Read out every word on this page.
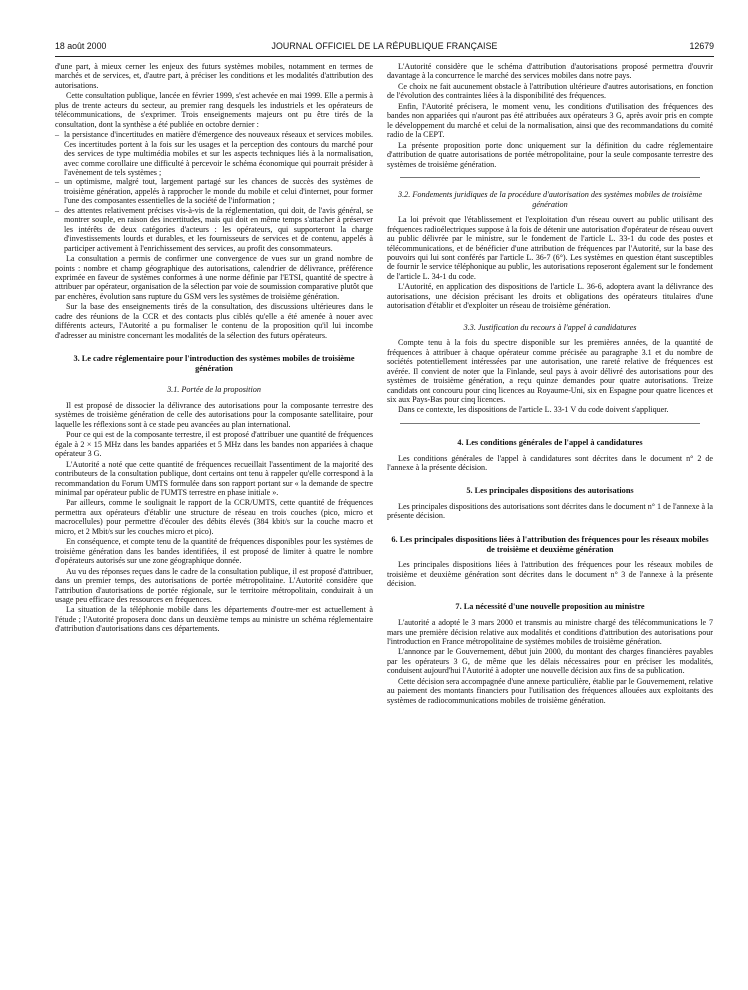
18 août 2000	JOURNAL OFFICIEL DE LA RÉPUBLIQUE FRANÇAISE	12679

d'une part, à mieux cerner les enjeux des futurs systèmes mobiles, notamment en termes de marchés et de services, et, d'autre part, à préciser les conditions et les modalités d'attribution des autorisations.

Cette consultation publique, lancée en février 1999, s'est achevée en mai 1999. Elle a permis à plus de trente acteurs du secteur, au premier rang desquels les industriels et les opérateurs de télécommunications, de s'exprimer. Trois enseignements majeurs ont pu être tirés de la consultation, dont la synthèse a été publiée en octobre dernier :

– la persistance d'incertitudes en matière d'émergence des nouveaux réseaux et services mobiles. Ces incertitudes portent à la fois sur les usages et la perception des contours du marché pour des services de type multimédia mobiles et sur les aspects techniques liés à la normalisation, avec comme corollaire une difficulté à percevoir le schéma économique qui pourrait présider à l'avènement de tels systèmes ;
– un optimisme, malgré tout, largement partagé sur les chances de succès des systèmes de troisième génération, appelés à rapprocher le monde du mobile et celui d'internet, pour former l'une des composantes essentielles de la société de l'information ;
– des attentes relativement précises vis-à-vis de la réglementation, qui doit, de l'avis général, se montrer souple, en raison des incertitudes, mais qui doit en même temps s'attacher à préserver les intérêts de deux catégories d'acteurs : les opérateurs, qui supporteront la charge d'investissements lourds et durables, et les fournisseurs de services et de contenu, appelés à participer activement à l'enrichissement des services, au profit des consommateurs.

La consultation a permis de confirmer une convergence de vues sur un grand nombre de points : nombre et champ géographique des autorisations, calendrier de délivrance, préférence exprimée en faveur de systèmes conformes à une norme définie par l'ETSI, quantité de spectre à attribuer par opérateur, organisation de la sélection par voie de soumission comparative plutôt que par enchères, évolution sans rupture du GSM vers les systèmes de troisième génération.

Sur la base des enseignements tirés de la consultation, des discussions ultérieures dans le cadre des réunions de la CCR et des contacts plus ciblés qu'elle a été amenée à nouer avec différents acteurs, l'Autorité a pu formaliser le contenu de la proposition qu'il lui incombe d'adresser au ministre concernant les modalités de la sélection des futurs opérateurs.

3. Le cadre réglementaire pour l'introduction des systèmes mobiles de troisième génération
3.1. Portée de la proposition

Il est proposé de dissocier la délivrance des autorisations pour la composante terrestre des systèmes de troisième génération de celle des autorisations pour la composante satellitaire, pour laquelle les réflexions sont à ce stade peu avancées au plan international.

Pour ce qui est de la composante terrestre, il est proposé d'attribuer une quantité de fréquences égale à 2 × 15 MHz dans les bandes appariées et 5 MHz dans les bandes non appariées à chaque opérateur 3 G.

L'Autorité a noté que cette quantité de fréquences recueillait l'assentiment de la majorité des contributeurs de la consultation publique, dont certains ont tenu à rappeler qu'elle correspond à la recommandation du Forum UMTS formulée dans son rapport portant sur « la demande de spectre minimal par opérateur public de l'UMTS terrestre en phase initiale ».

Par ailleurs, comme le soulignait le rapport de la CCR/UMTS, cette quantité de fréquences permettra aux opérateurs d'établir une structure de réseau en trois couches (pico, micro et macrocellules) pour permettre d'écouler des débits élevés (384 kbit/s sur la couche macro et micro, et 2 Mbit/s sur les couches micro et pico).

En conséquence, et compte tenu de la quantité de fréquences disponibles pour les systèmes de troisième génération dans les bandes identifiées, il est proposé de limiter à quatre le nombre d'opérateurs autorisés sur une zone géographique donnée.

Au vu des réponses reçues dans le cadre de la consultation publique, il est proposé d'attribuer, dans un premier temps, des autorisations de portée métropolitaine. L'Autorité considère que l'attribution d'autorisations de portée régionale, sur le territoire métropolitain, conduirait à un usage peu efficace des ressources en fréquences.

La situation de la téléphonie mobile dans les départements d'outre-mer est actuellement à l'étude ; l'Autorité proposera donc dans un deuxième temps au ministre un schéma réglementaire d'attribution d'autorisations dans ces départements.

L'Autorité considère que le schéma d'attribution d'autorisations proposé permettra d'ouvrir davantage à la concurrence le marché des services mobiles dans notre pays.

Ce choix ne fait aucunement obstacle à l'attribution ultérieure d'autres autorisations, en fonction de l'évolution des contraintes liées à la disponibilité des fréquences.

Enfin, l'Autorité précisera, le moment venu, les conditions d'utilisation des fréquences des bandes non appariées qui n'auront pas été attribuées aux opérateurs 3 G, après avoir pris en compte le développement du marché et celui de la normalisation, ainsi que des recommandations du comité radio de la CEPT.

La présente proposition porte donc uniquement sur la définition du cadre réglementaire d'attribution de quatre autorisations de portée métropolitaine, pour la seule composante terrestre des systèmes de troisième génération.

3.2. Fondements juridiques de la procédure d'autorisation des systèmes mobiles de troisième génération

La loi prévoit que l'établissement et l'exploitation d'un réseau ouvert au public utilisant des fréquences radioélectriques suppose à la fois de détenir une autorisation d'opérateur de réseau ouvert au public délivrée par le ministre, sur le fondement de l'article L. 33-1 du code des postes et télécommunications, et de bénéficier d'une attribution de fréquences par l'Autorité, sur la base des pouvoirs qui lui sont conférés par l'article L. 36-7 (6°). Les systèmes en question étant susceptibles de fournir le service téléphonique au public, les autorisations reposeront également sur le fondement de l'article L. 34-1 du code.

L'Autorité, en application des dispositions de l'article L. 36-6, adoptera avant la délivrance des autorisations, une décision précisant les droits et obligations des opérateurs titulaires d'une autorisation d'établir et d'exploiter un réseau de troisième génération.

3.3. Justification du recours à l'appel à candidatures

Compte tenu à la fois du spectre disponible sur les premières années, de la quantité de fréquences à attribuer à chaque opérateur comme précisée au paragraphe 3.1 et du nombre de sociétés potentiellement intéressées par une autorisation, une rareté relative de fréquences est avérée. Il convient de noter que la Finlande, seul pays à avoir délivré des autorisations pour des systèmes de troisième génération, a reçu quinze demandes pour quatre autorisations. Treize candidats ont concouru pour cinq licences au Royaume-Uni, six en Espagne pour quatre licences et six aux Pays-Bas pour cinq licences.

Dans ce contexte, les dispositions de l'article L. 33-1 V du code doivent s'appliquer.

4. Les conditions générales de l'appel à candidatures

Les conditions générales de l'appel à candidatures sont décrites dans le document n° 2 de l'annexe à la présente décision.

5. Les principales dispositions des autorisations

Les principales dispositions des autorisations sont décrites dans le document n° 1 de l'annexe à la présente décision.

6. Les principales dispositions liées à l'attribution des fréquences pour les réseaux mobiles de troisième et deuxième génération

Les principales dispositions liées à l'attribution des fréquences pour les réseaux mobiles de troisième et deuxième génération sont décrites dans le document n° 3 de l'annexe à la présente décision.

7. La nécessité d'une nouvelle proposition au ministre

L'autorité a adopté le 3 mars 2000 et transmis au ministre chargé des télécommunications le 7 mars une première décision relative aux modalités et conditions d'attribution des autorisations pour l'introduction en France métropolitaine de systèmes mobiles de troisième génération.

L'annonce par le Gouvernement, début juin 2000, du montant des charges financières payables par les opérateurs 3 G, de même que les délais nécessaires pour en préciser les modalités, conduisent aujourd'hui l'Autorité à adopter une nouvelle décision aux fins de sa publication.

Cette décision sera accompagnée d'une annexe particulière, établie par le Gouvernement, relative au paiement des montants financiers pour l'utilisation des fréquences allouées aux exploitants des systèmes de radiocommunications mobiles de troisième génération.
